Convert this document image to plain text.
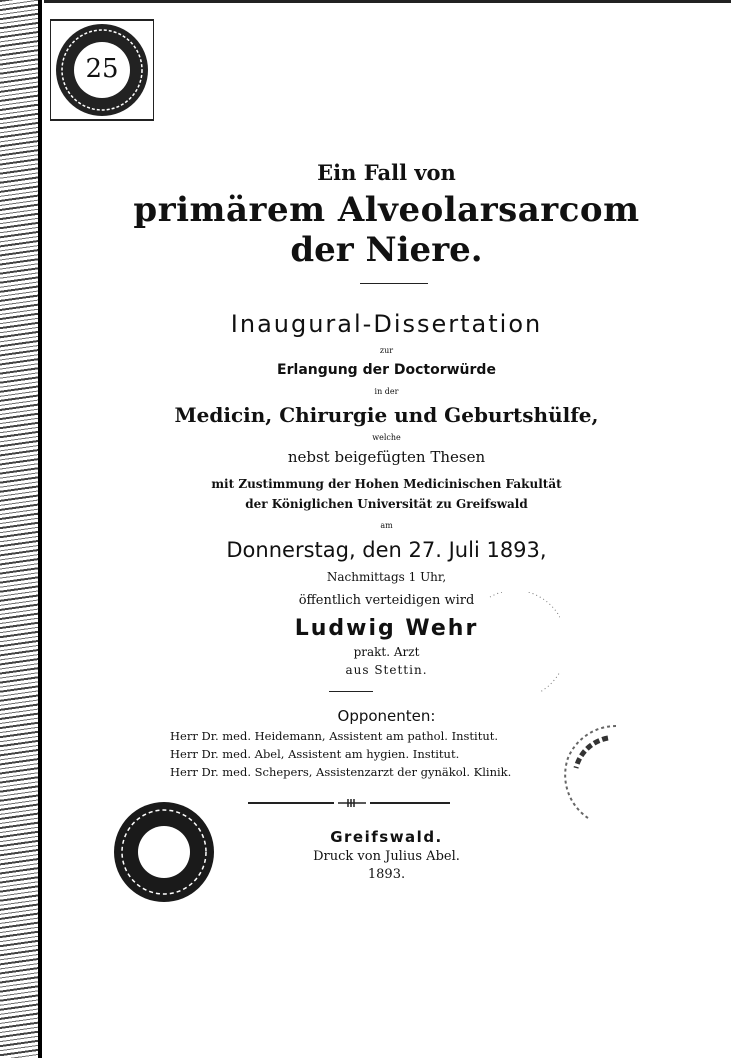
25
Ein Fall von
primärem Alveolarsarcom
der Niere.
Inaugural-Dissertation
zur
Erlangung der Doctorwürde
in der
Medicin, Chirurgie und Geburtshülfe,
welche
nebst beigefügten Thesen
mit Zustimmung der Hohen Medicinischen Fakultät
der Königlichen Universität zu Greifswald
am
Donnerstag, den 27. Juli 1893,
Nachmittags 1 Uhr,
öffentlich verteidigen wird
Ludwig Wehr
prakt. Arzt
aus Stettin.
Opponenten:
Herr Dr. med. Heidemann, Assistent am pathol. Institut.
Herr Dr. med. Abel, Assistent am hygien. Institut.
Herr Dr. med. Schepers, Assistenzarzt der gynäkol. Klinik.
Greifswald.
Druck von Julius Abel.
1893.
